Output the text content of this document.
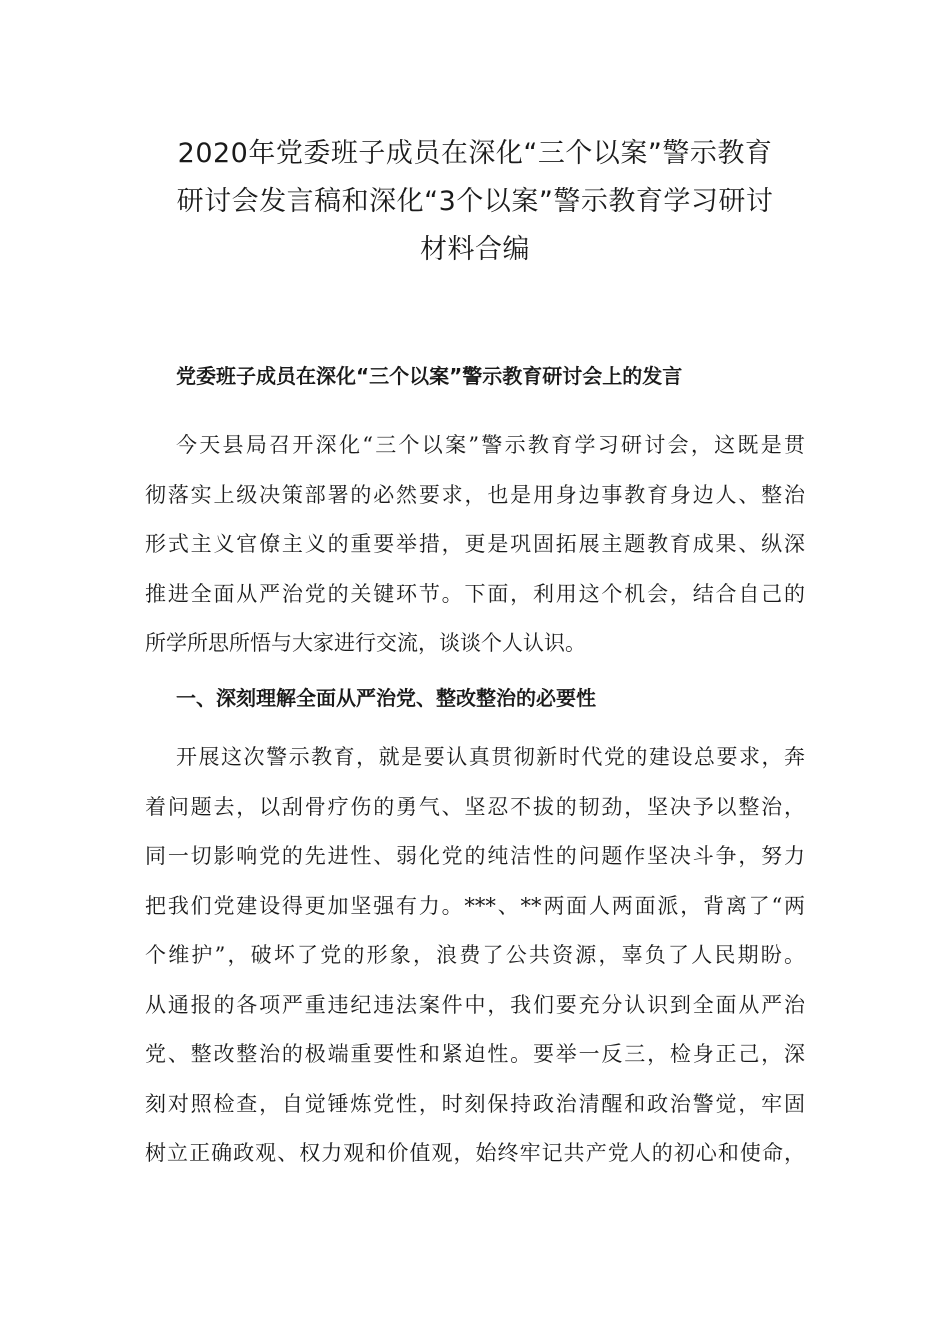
2020年党委班子成员在深化“三个以案”警示教育
研讨会发言稿和深化“3个以案”警示教育学习研讨
材料合编
党委班子成员在深化“三个以案”警示教育研讨会上的发言

今天县局召开深化“三个以案”警示教育学习研讨会，这既是贯
彻落实上级决策部署的必然要求，也是用身边事教育身边人、整治
形式主义官僚主义的重要举措，更是巩固拓展主题教育成果、纵深
推进全面从严治党的关键环节。下面，利用这个机会，结合自己的
所学所思所悟与大家进行交流，谈谈个人认识。

一、深刻理解全面从严治党、整改整治的必要性

开展这次警示教育，就是要认真贯彻新时代党的建设总要求，奔
着问题去，以刮骨疗伤的勇气、坚忍不拔的韧劲，坚决予以整治，
同一切影响党的先进性、弱化党的纯洁性的问题作坚决斗争，努力
把我们党建设得更加坚强有力。***、**两面人两面派，背离了“两
个维护”，破坏了党的形象，浪费了公共资源，辜负了人民期盼。
从通报的各项严重违纪违法案件中，我们要充分认识到全面从严治
党、整改整治的极端重要性和紧迫性。要举一反三，检身正己，深
刻对照检查，自觉锤炼党性，时刻保持政治清醒和政治警觉，牢固
树立正确政观、权力观和价值观，始终牢记共产党人的初心和使命，
